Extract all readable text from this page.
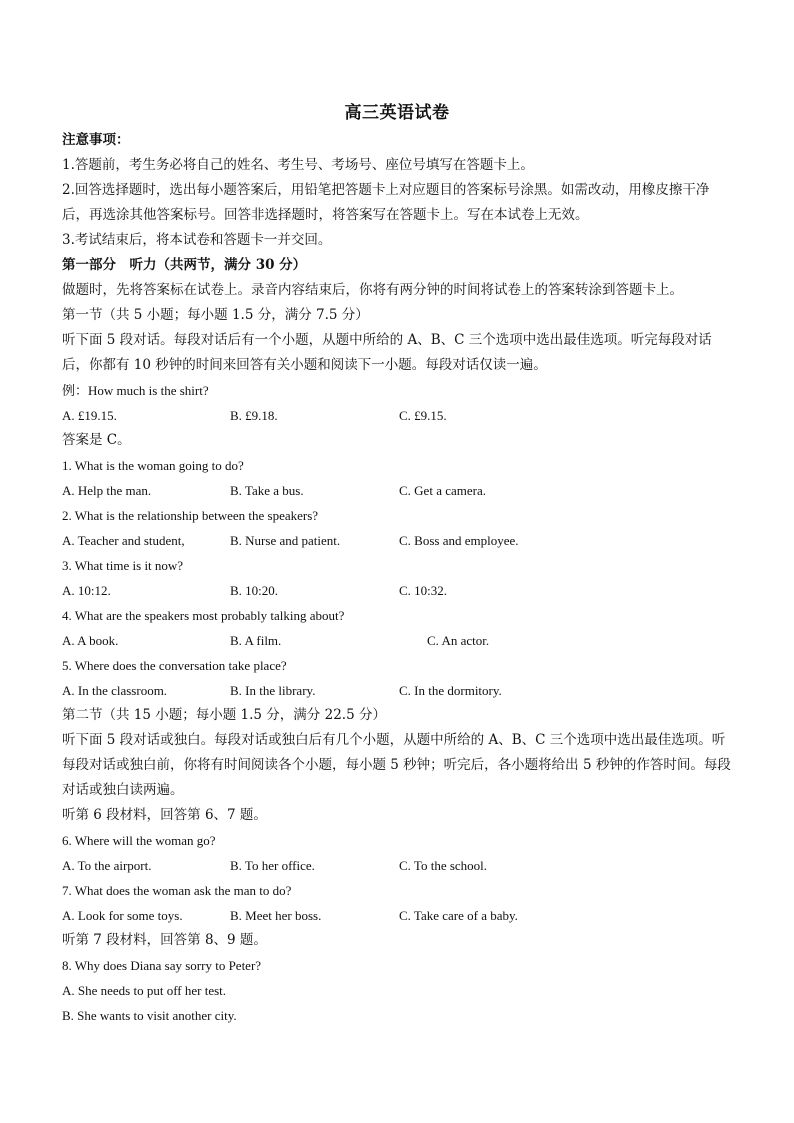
高三英语试卷
注意事项：
1.答题前，考生务必将自己的姓名、考生号、考场号、座位号填写在答题卡上。
2.回答选择题时，选出每小题答案后，用铅笔把答题卡上对应题目的答案标号涂黑。如需改动，用橡皮擦干净后，再选涂其他答案标号。回答非选择题时，将答案写在答题卡上。写在本试卷上无效。
3.考试结束后，将本试卷和答题卡一并交回。
第一部分　听力（共两节，满分 30 分）
做题时，先将答案标在试卷上。录音内容结束后，你将有两分钟的时间将试卷上的答案转涂到答题卡上。
第一节（共 5 小题；每小题 1.5 分，满分 7.5 分）
听下面 5 段对话。每段对话后有一个小题，从题中所给的 A、B、C 三个选项中选出最佳选项。听完每段对话后，你都有 10 秒钟的时间来回答有关小题和阅读下一小题。每段对话仅读一遍。
例：How much is the shirt?
A. £19.15.	B. £9.18.	C. £9.15.
答案是 C。
1. What is the woman going to do?
A. Help the man.	B. Take a bus.	C. Get a camera.
2. What is the relationship between the speakers?
A. Teacher and student,	B. Nurse and patient.	C. Boss and employee.
3. What time is it now?
A. 10:12.	B. 10:20.	C. 10:32.
4. What are the speakers most probably talking about?
A. A book.	B. A film.	C. An actor.
5. Where does the conversation take place?
A. In the classroom.	B. In the library.	C. In the dormitory.
第二节（共 15 小题；每小题 1.5 分，满分 22.5 分）
听下面 5 段对话或独白。每段对话或独白后有几个小题，从题中所给的 A、B、C 三个选项中选出最佳选项。听每段对话或独白前，你将有时间阅读各个小题，每小题 5 秒钟；听完后，各小题将给出 5 秒钟的作答时间。每段对话或独白读两遍。
听第 6 段材料，回答第 6、7 题。
6. Where will the woman go?
A. To the airport.	B. To her office.	C. To the school.
7. What does the woman ask the man to do?
A. Look for some toys.	B. Meet her boss.	C. Take care of a baby.
听第 7 段材料，回答第 8、9 题。
8. Why does Diana say sorry to Peter?
A. She needs to put off her test.
B. She wants to visit another city.
